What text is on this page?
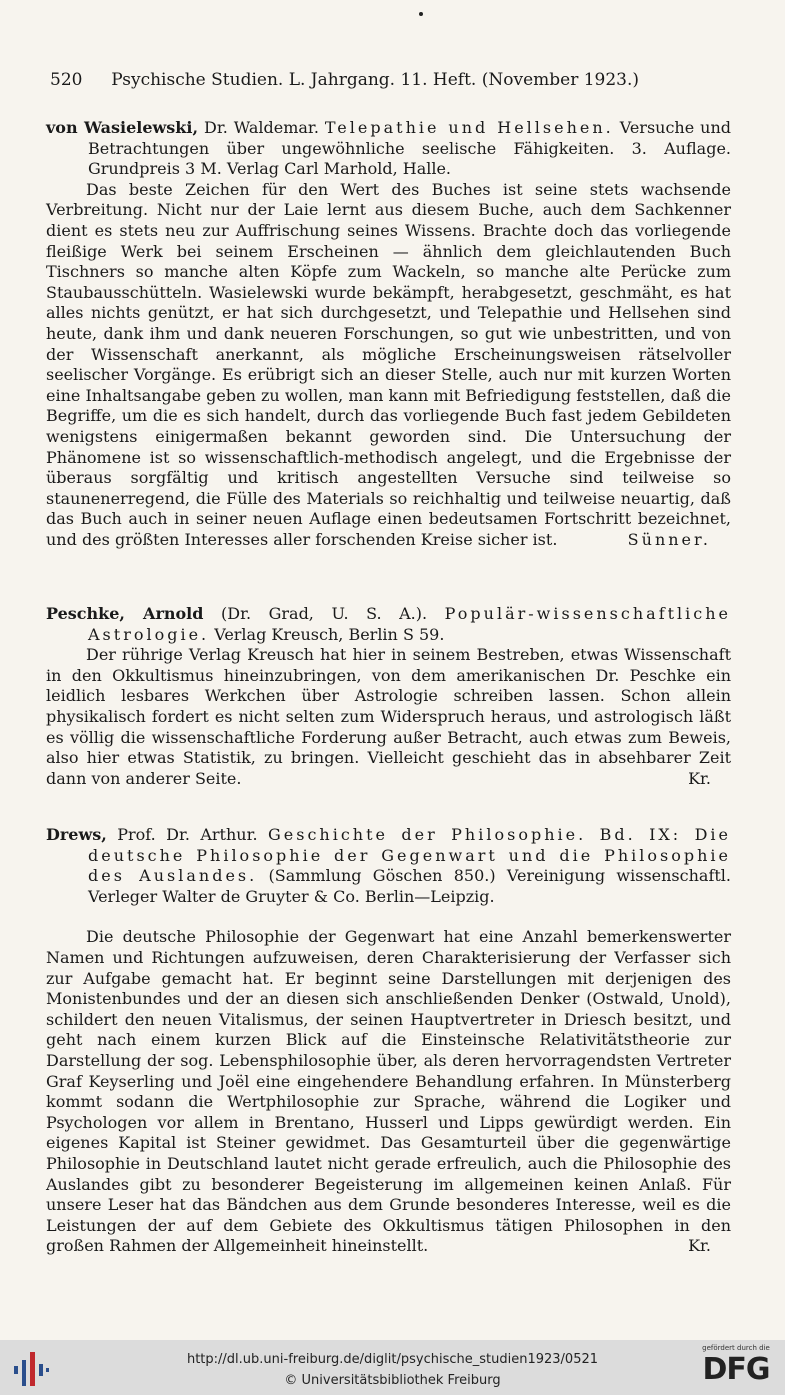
520 Psychische Studien. L. Jahrgang. 11. Heft. (November 1923.)

von Wasielewski, Dr. Waldemar. Telepathie und Hellsehen. Versuche und Betrachtungen über ungewöhnliche seelische Fähigkeiten. 3. Auflage. Grundpreis 3 M. Verlag Carl Marhold, Halle.

Das beste Zeichen für den Wert des Buches ist seine stets wachsende Verbreitung. Nicht nur der Laie lernt aus diesem Buche, auch dem Sachkenner dient es stets neu zur Auffrischung seines Wissens. Brachte doch das vorliegende fleißige Werk bei seinem Erscheinen — ähnlich dem gleichlautenden Buch Tischners so manche alten Köpfe zum Wackeln, so manche alte Perücke zum Staubausschütteln. Wasielewski wurde bekämpft, herabgesetzt, geschmäht, es hat alles nichts genützt, er hat sich durchgesetzt, und Telepathie und Hellsehen sind heute, dank ihm und dank neueren Forschungen, so gut wie unbestritten, und von der Wissenschaft anerkannt, als mögliche Erscheinungsweisen rätselvoller seelischer Vorgänge. Es erübrigt sich an dieser Stelle, auch nur mit kurzen Worten eine Inhaltsangabe geben zu wollen, man kann mit Befriedigung feststellen, daß die Begriffe, um die es sich handelt, durch das vorliegende Buch fast jedem Gebildeten wenigstens einigermaßen bekannt geworden sind. Die Untersuchung der Phänomene ist so wissenschaftlich-methodisch angelegt, und die Ergebnisse der überaus sorgfältig und kritisch angestellten Versuche sind teilweise so staunenerregend, die Fülle des Materials so reichhaltig und teilweise neuartig, daß das Buch auch in seiner neuen Auflage einen bedeutsamen Fortschritt bezeichnet, und des größten Interesses aller forschenden Kreise sicher ist.	Sünner.

Peschke, Arnold (Dr. Grad, U. S. A.). Populär-wissenschaftliche Astrologie. Verlag Kreusch, Berlin S 59.

Der rührige Verlag Kreusch hat hier in seinem Bestreben, etwas Wissenschaft in den Okkultismus hineinzubringen, von dem amerikanischen Dr. Peschke ein leidlich lesbares Werkchen über Astrologie schreiben lassen. Schon allein physikalisch fordert es nicht selten zum Widerspruch heraus, und astrologisch läßt es völlig die wissenschaftliche Forderung außer Betracht, auch etwas zum Beweis, also hier etwas Statistik, zu bringen. Vielleicht geschieht das in absehbarer Zeit dann von anderer Seite.	Kr.

Drews, Prof. Dr. Arthur. Geschichte der Philosophie. Bd. IX: Die deutsche Philosophie der Gegenwart und die Philosophie des Auslandes. (Sammlung Göschen 850.) Vereinigung wissenschaftl. Verleger Walter de Gruyter & Co. Berlin—Leipzig.

Die deutsche Philosophie der Gegenwart hat eine Anzahl bemerkenswerter Namen und Richtungen aufzuweisen, deren Charakterisierung der Verfasser sich zur Aufgabe gemacht hat. Er beginnt seine Darstellungen mit derjenigen des Monistenbundes und der an diesen sich anschließenden Denker (Ostwald, Unold), schildert den neuen Vitalismus, der seinen Hauptvertreter in Driesch besitzt, und geht nach einem kurzen Blick auf die Einsteinsche Relativitätstheorie zur Darstellung der sog. Lebensphilosophie über, als deren hervorragendsten Vertreter Graf Keyserling und Joël eine eingehendere Behandlung erfahren. In Münsterberg kommt sodann die Wertphilosophie zur Sprache, während die Logiker und Psychologen vor allem in Brentano, Husserl und Lipps gewürdigt werden. Ein eigenes Kapital ist Steiner gewidmet. Das Gesamturteil über die gegenwärtige Philosophie in Deutschland lautet nicht gerade erfreulich, auch die Philosophie des Auslandes gibt zu besonderer Begeisterung im allgemeinen keinen Anlaß. Für unsere Leser hat das Bändchen aus dem Grunde besonderes Interesse, weil es die Leistungen der auf dem Gebiete des Okkultismus tätigen Philosophen in den großen Rahmen der Allgemeinheit hineinstellt.	Kr.

http://dl.ub.uni-freiburg.de/diglit/psychische_studien1923/0521
© Universitätsbibliothek Freiburg
gefördert durch die
DFG
